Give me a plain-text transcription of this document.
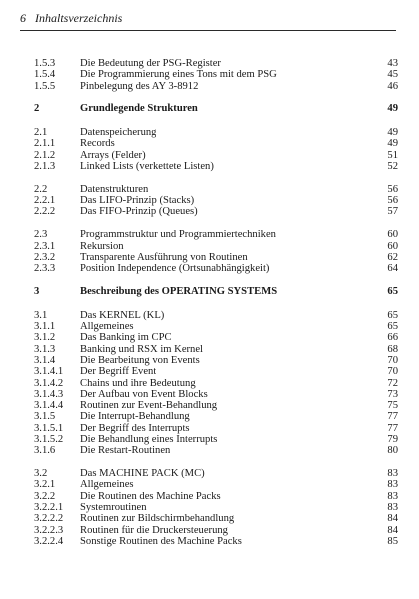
6 Inhaltsverzeichnis
1.5.3 Die Bedeutung der PSG-Register	43
1.5.4 Die Programmierung eines Tons mit dem PSG	45
1.5.5 Pinbelegung des AY 3-8912	46
2	Grundlegende Strukturen	49
2.1	Datenspeicherung	49
2.1.1 Records	49
2.1.2 Arrays (Felder)	51
2.1.3 Linked Lists (verkettete Listen)	52
2.2	Datenstrukturen	56
2.2.1 Das LIFO-Prinzip (Stacks)	56
2.2.2 Das FIFO-Prinzip (Queues)	57
2.3	Programmstruktur und Programmiertechniken	60
2.3.1 Rekursion	60
2.3.2 Transparente Ausführung von Routinen	62
2.3.3 Position Independence (Ortsunabhängigkeit)	64
3	Beschreibung des OPERATING SYSTEMS	65
3.1	Das KERNEL (KL)	65
3.1.1 Allgemeines	65
3.1.2 Das Banking im CPC	66
3.1.3 Banking und RSX im Kernel	68
3.1.4 Die Bearbeitung von Events	70
3.1.4.1 Der Begriff Event	70
3.1.4.2 Chains und ihre Bedeutung	72
3.1.4.3 Der Aufbau von Event Blocks	73
3.1.4.4 Routinen zur Event-Behandlung	75
3.1.5 Die Interrupt-Behandlung	77
3.1.5.1 Der Begriff des Interrupts	77
3.1.5.2 Die Behandlung eines Interrupts	79
3.1.6 Die Restart-Routinen	80
3.2	Das MACHINE PACK (MC)	83
3.2.1 Allgemeines	83
3.2.2 Die Routinen des Machine Packs	83
3.2.2.1 Systemroutinen	83
3.2.2.2 Routinen zur Bildschirmbehandlung	84
3.2.2.3 Routinen für die Druckersteuerung	84
3.2.2.4 Sonstige Routinen des Machine Packs	85
